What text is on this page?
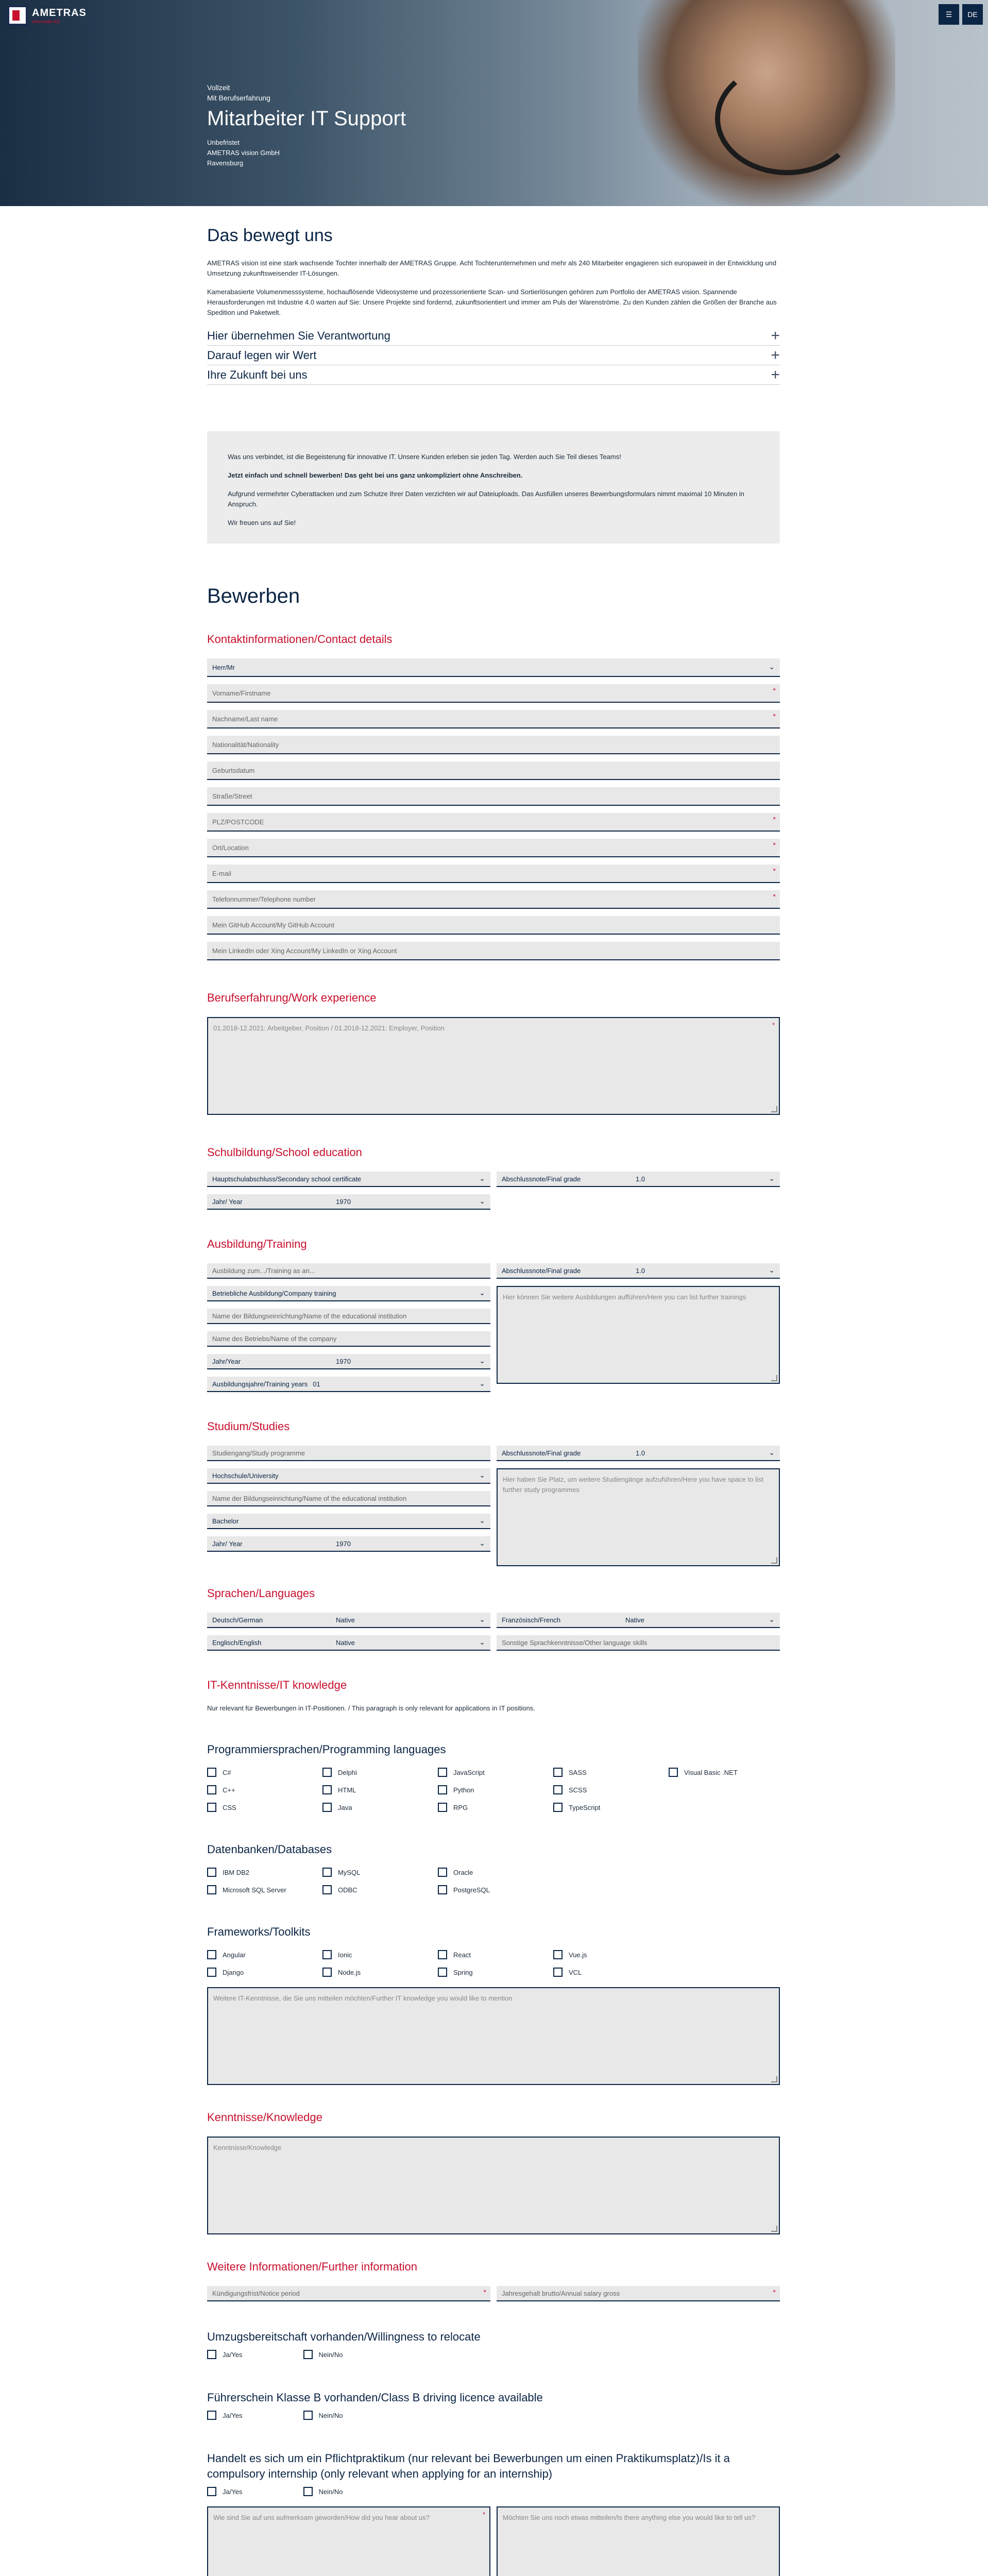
AMETRAS
informatik AG
☰	DE
Vollzeit
Mit Berufserfahrung
Mitarbeiter IT Support
Unbefristet
AMETRAS vision GmbH
Ravensburg
Das bewegt uns

AMETRAS vision ist eine stark wachsende Tochter innerhalb der AMETRAS Gruppe. Acht Tochterunternehmen und mehr als 240 Mitarbeiter engagieren sich europaweit in der Entwicklung und Umsetzung zukunftsweisender IT-Lösungen.

Kamerabasierte Volumenmesssysteme, hochauflösende Videosysteme und prozessorientierte Scan- und Sortierlösungen gehören zum Portfolio der AMETRAS vision. Spannende Herausforderungen mit Industrie 4.0 warten auf Sie: Unsere Projekte sind fordernd, zukunftsorientiert und immer am Puls der Warenströme. Zu den Kunden zählen die Größen der Branche aus Spedition und Paketwelt.

Hier übernehmen Sie Verantwortung	+
Darauf legen wir Wert	+
Ihre Zukunft bei uns	+

Was uns verbindet, ist die Begeisterung für innovative IT. Unsere Kunden erleben sie jeden Tag. Werden auch Sie Teil dieses Teams!

Jetzt einfach und schnell bewerben! Das geht bei uns ganz unkompliziert ohne Anschreiben.

Aufgrund vermehrter Cyberattacken und zum Schutze Ihrer Daten verzichten wir auf Dateiuploads. Das Ausfüllen unseres Bewerbungsformulars nimmt maximal 10 Minuten in Anspruch.

Wir freuen uns auf Sie!

Bewerben
Kontaktinformationen/Contact details
Herr/Mr	⌄
Vorname/Firstname	*
Nachname/Last name	*
Nationalität/Nationality
Geburtsdatum
Straße/Street
PLZ/POSTCODE	*
Ort/Location	*
E-mail	*
Telefonnummer/Telephone number	*
Mein GitHub Account/My GitHub Account
Mein LinkedIn oder Xing Account/My LinkedIn or Xing Account
Berufserfahrung/Work experience
01.2018-12.2021: Arbeitgeber, Position / 01.2018-12.2021: Employer, Position	*
Schulbildung/School education
Hauptschulabschluss/Secondary school certificate	⌄
Jahr/ Year	1970	⌄
Abschlussnote/Final grade	1.0	⌄
Ausbildung/Training
Ausbildung zum.../Training as an...
Betriebliche Ausbildung/Company training	⌄
Name der Bildungseinrichtung/Name of the educational institution
Name des Betriebs/Name of the company
Jahr/Year	1970	⌄
Ausbildungsjahre/Training years 01	⌄
Abschlussnote/Final grade	1.0	⌄
Hier können Sie weitere Ausbildungen aufführen/Here you can list further trainings
Studium/Studies
Studiengang/Study programme
Hochschule/University	⌄
Name der Bildungseinrichtung/Name of the educational institution
Bachelor	⌄
Jahr/ Year	1970	⌄
Abschlussnote/Final grade	1.0	⌄
Hier haben Sie Platz, um weitere Studiengänge aufzuführen/Here you have space to list further study programmes
Sprachen/Languages
Deutsch/German	Native	⌄
Englisch/English	Native	⌄
Französisch/French	Native	⌄
Sonstige Sprachkenntnisse/Other language skills
IT-Kenntnisse/IT knowledge
Nur relevant für Bewerbungen in IT-Positionen. / This paragraph is only relevant for applications in IT positions.
Programmiersprachen/Programming languages
C#	Delphi	JavaScript	SASS	Visual Basic .NET
C++	HTML	Python	SCSS
CSS	Java	RPG	TypeScript
Datenbanken/Databases
IBM DB2	MySQL	Oracle
Microsoft SQL Server	ODBC	PostgreSQL
Frameworks/Toolkits
Angular	Ionic	React	Vue.js
Django	Node.js	Spring	VCL
Weitere IT-Kenntnisse, die Sie uns mitteilen möchten/Further IT knowledge you would like to mention
Kenntnisse/Knowledge
Kenntnisse/Knowledge
Weitere Informationen/Further information
Kündigungsfrist/Notice period	* Jahresgehalt brutto/Annual salary gross	*
Umzugsbereitschaft vorhanden/Willingness to relocate
Ja/Yes	Nein/No
Führerschein Klasse B vorhanden/Class B driving licence available
Ja/Yes	Nein/No
Handelt es sich um ein Pflichtpraktikum (nur relevant bei Bewerbungen um einen Praktikumsplatz)/Is it a compulsory internship (only relevant when applying for an internship)
Ja/Yes	Nein/No
Wie sind Sie auf uns aufmerksam geworden/How did you hear about us?	*	Möchten Sie uns noch etwas mitteilen/Is there anything else you would like to tell us?
